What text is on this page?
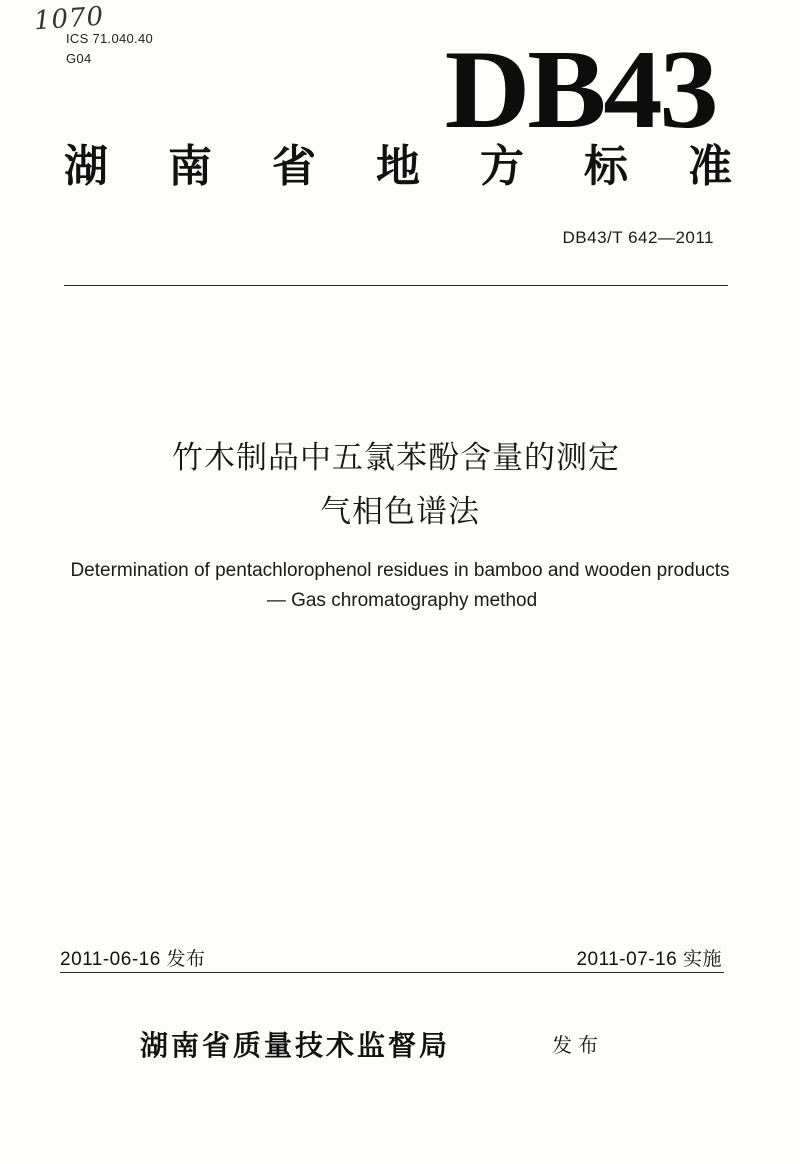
1070
ICS 71.040.40
G04	DB43
湖 南 省 地 方 标 准
DB43/T 642—2011
竹木制品中五氯苯酚含量的测定
气相色谱法
Determination of pentachlorophenol residues in bamboo and wooden products
— Gas chromatography method
2011-06-16 发布	2011-07-16 实施
湖南省质量技术监督局	发布
